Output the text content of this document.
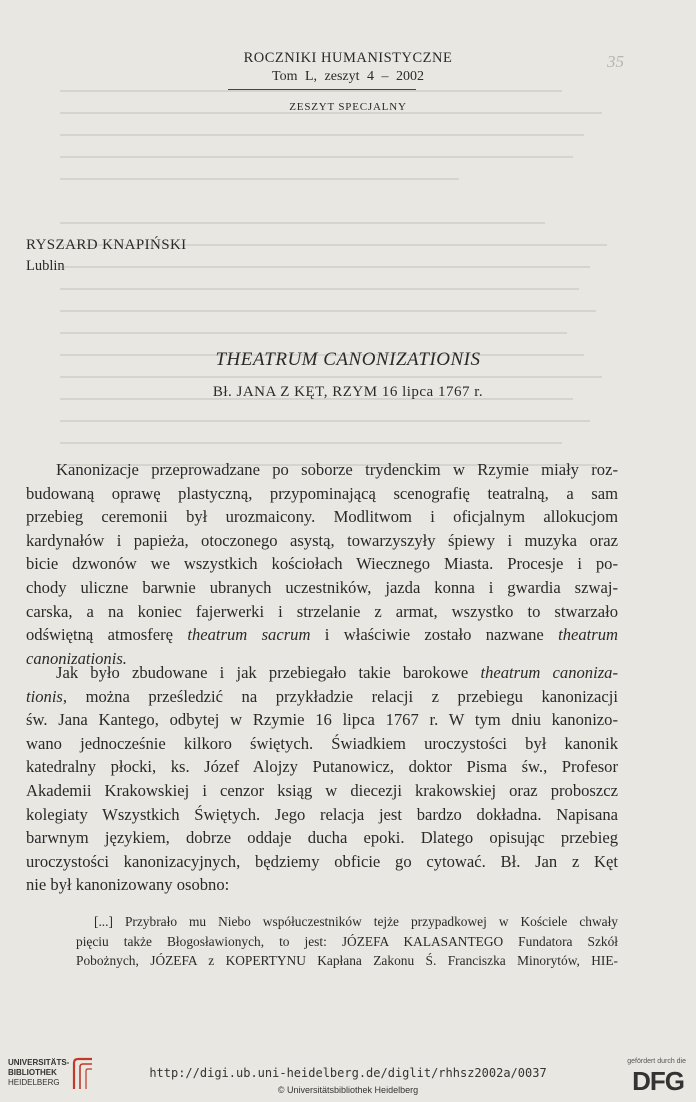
35
ROCZNIKI HUMANISTYCZNE
Tom L, zeszyt 4 – 2002
ZESZYT SPECJALNY
RYSZARD KNAPIŃSKI
Lublin
THEATRUM CANONIZATIONIS
Bł. JANA Z KĘT, RZYM 16 lipca 1767 r.
Kanonizacje przeprowadzane po soborze trydenckim w Rzymie miały roz-
budowaną oprawę plastyczną, przypominającą scenografię teatralną, a sam
przebieg ceremonii był urozmaicony. Modlitwom i oficjalnym allokucjom
kardynałów i papieża, otoczonego asystą, towarzyszyły śpiewy i muzyka oraz
bicie dzwonów we wszystkich kościołach Wiecznego Miasta. Procesje i po-
chody uliczne barwnie ubranych uczestników, jazda konna i gwardia szwaj-
carska, a na koniec fajerwerki i strzelanie z armat, wszystko to stwarzało
odświętną atmosferę theatrum sacrum i właściwie zostało nazwane theatrum
canonizationis.
Jak było zbudowane i jak przebiegało takie barokowe theatrum canoniza-
tionis, można prześledzić na przykładzie relacji z przebiegu kanonizacji
św. Jana Kantego, odbytej w Rzymie 16 lipca 1767 r. W tym dniu kanonizo-
wano jednocześnie kilkoro świętych. Świadkiem uroczystości był kanonik
katedralny płocki, ks. Józef Alojzy Putanowicz, doktor Pisma św., Profesor
Akademii Krakowskiej i cenzor ksiąg w diecezji krakowskiej oraz proboszcz
kolegiaty Wszystkich Świętych. Jego relacja jest bardzo dokładna. Napisana
barwnym językiem, dobrze oddaje ducha epoki. Dlatego opisując przebieg
uroczystości kanonizacyjnych, będziemy obficie go cytować. Bł. Jan z Kęt
nie był kanonizowany osobno:
[...] Przybrało mu Niebo współuczestników tejże przypadkowej w Kościele chwały
pięciu także Błogosławionych, to jest: JÓZEFA KALASANTEGO Fundatora Szkół
Pobożnych, JÓZEFA z KOPERTYNU Kapłana Zakonu Ś. Franciszka Minorytów, HIE-
UNIVERSITÄTS-
BIBLIOTHEK
HEIDELBERG
http://digi.ub.uni-heidelberg.de/diglit/rhhsz2002a/0037
© Universitätsbibliothek Heidelberg
gefördert durch die
DFG
